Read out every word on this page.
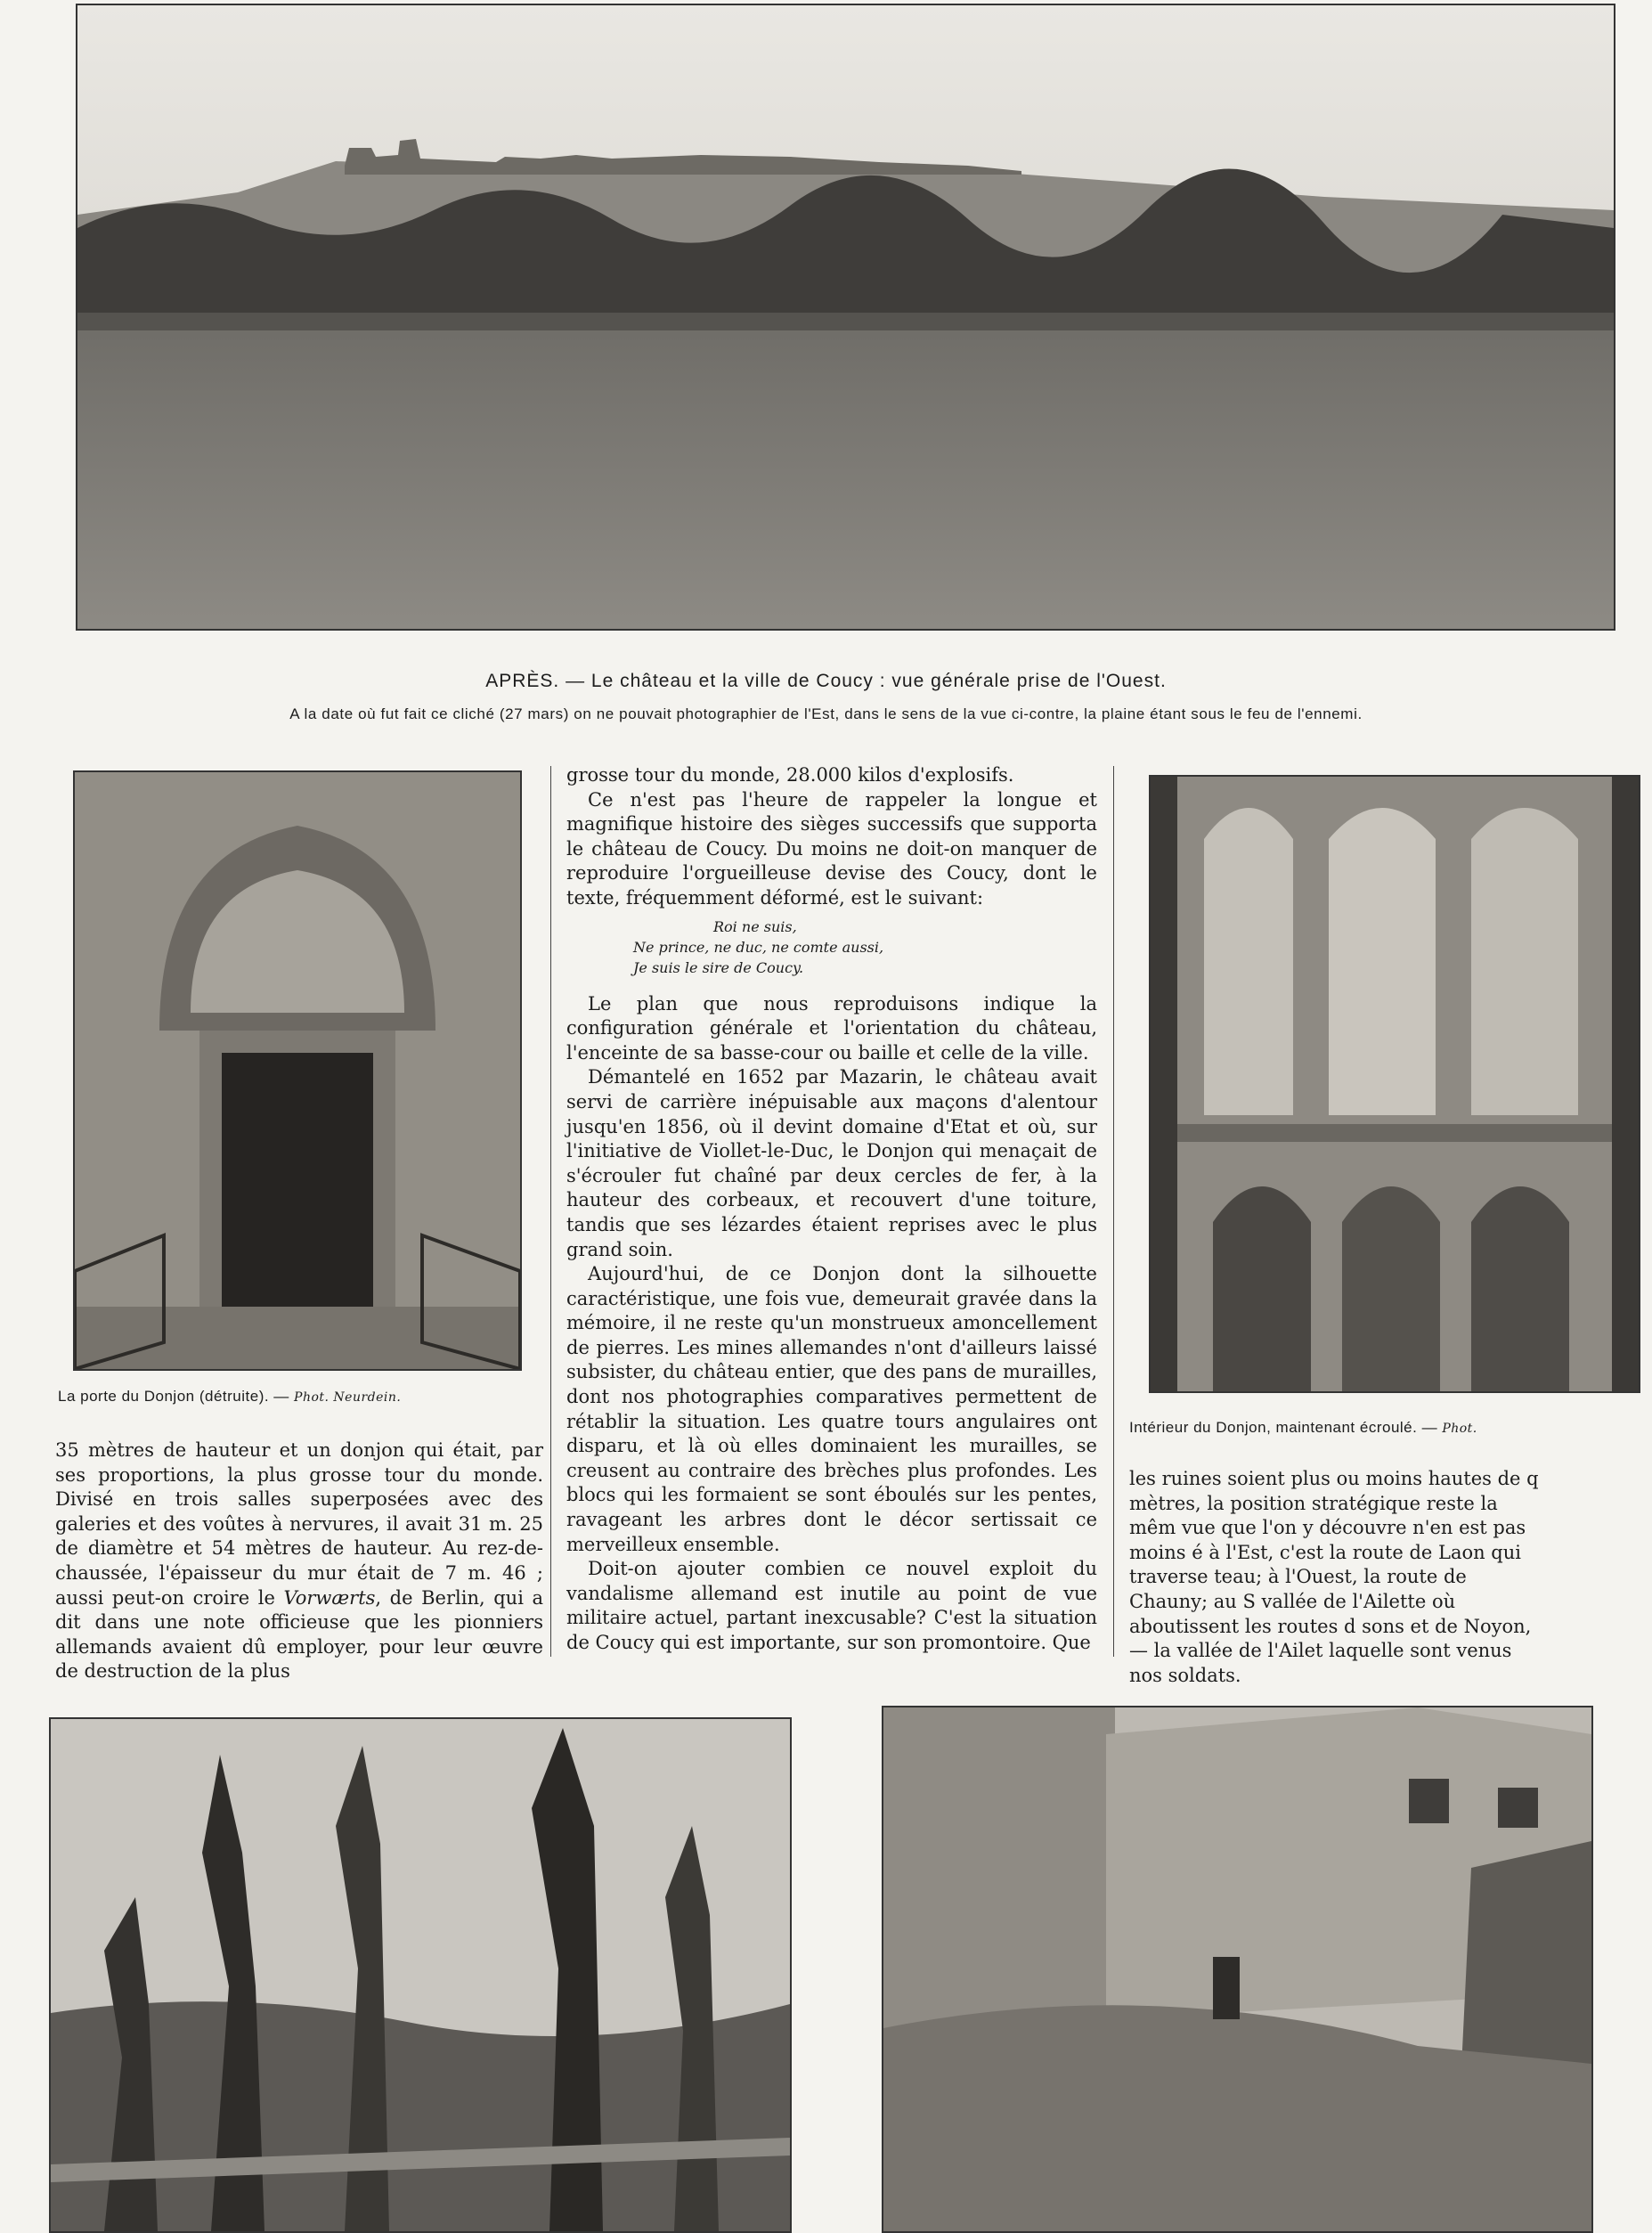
APRÈS. — Le château et la ville de Coucy : vue générale prise de l'Ouest.
A la date où fut fait ce cliché (27 mars) on ne pouvait photographier de l'Est, dans le sens de la vue ci-contre, la plaine étant sous le feu de l'ennemi.
La porte du Donjon (détruite). — Phot. Neurdein.
Intérieur du Donjon, maintenant écroulé. — Phot.

grosse tour du monde, 28.000 kilos d'explosifs.

Ce n'est pas l'heure de rappeler la longue et magnifique histoire des sièges successifs que supporta le château de Coucy. Du moins ne doit-on manquer de reproduire l'orgueilleuse devise des Coucy, dont le texte, fréquemment déformé, est le suivant:

Roi ne suis,
Ne prince, ne duc, ne comte aussi,
Je suis le sire de Coucy.

Le plan que nous reproduisons indique la configuration générale et l'orientation du château, l'enceinte de sa basse-cour ou baille et celle de la ville.

Démantelé en 1652 par Mazarin, le château avait servi de carrière inépuisable aux maçons d'alentour jusqu'en 1856, où il devint domaine d'Etat et où, sur l'initiative de Viollet-le-Duc, le Donjon qui menaçait de s'écrouler fut chaîné par deux cercles de fer, à la hauteur des corbeaux, et recouvert d'une toiture, tandis que ses lézardes étaient reprises avec le plus grand soin.

Aujourd'hui, de ce Donjon dont la silhouette caractéristique, une fois vue, demeurait gravée dans la mémoire, il ne reste qu'un monstrueux amoncellement de pierres. Les mines allemandes n'ont d'ailleurs laissé subsister, du château entier, que des pans de murailles, dont nos photographies comparatives permettent de rétablir la situation. Les quatre tours angulaires ont disparu, et là où elles dominaient les murailles, se creusent au contraire des brèches plus profondes. Les blocs qui les formaient se sont éboulés sur les pentes, ravageant les arbres dont le décor sertissait ce merveilleux ensemble.

Doit-on ajouter combien ce nouvel exploit du vandalisme allemand est inutile au point de vue militaire actuel, partant inexcusable? C'est la situation de Coucy qui est importante, sur son promontoire. Que

35 mètres de hauteur et un donjon qui était, par ses proportions, la plus grosse tour du monde. Divisé en trois salles superposées avec des galeries et des voûtes à nervures, il avait 31 m. 25 de diamètre et 54 mètres de hauteur. Au rez-de-chaussée, l'épaisseur du mur était de 7 m. 46 ; aussi peut-on croire le Vorwærts, de Berlin, qui a dit dans une note officieuse que les pionniers allemands avaient dû employer, pour leur œuvre de destruction de la plus

les ruines soient plus ou moins hautes de q mètres, la position stratégique reste la mêm vue que l'on y découvre n'en est pas moins é à l'Est, c'est la route de Laon qui traverse teau; à l'Ouest, la route de Chauny; au S vallée de l'Ailette où aboutissent les routes d sons et de Noyon, — la vallée de l'Ailet laquelle sont venus nos soldats.
